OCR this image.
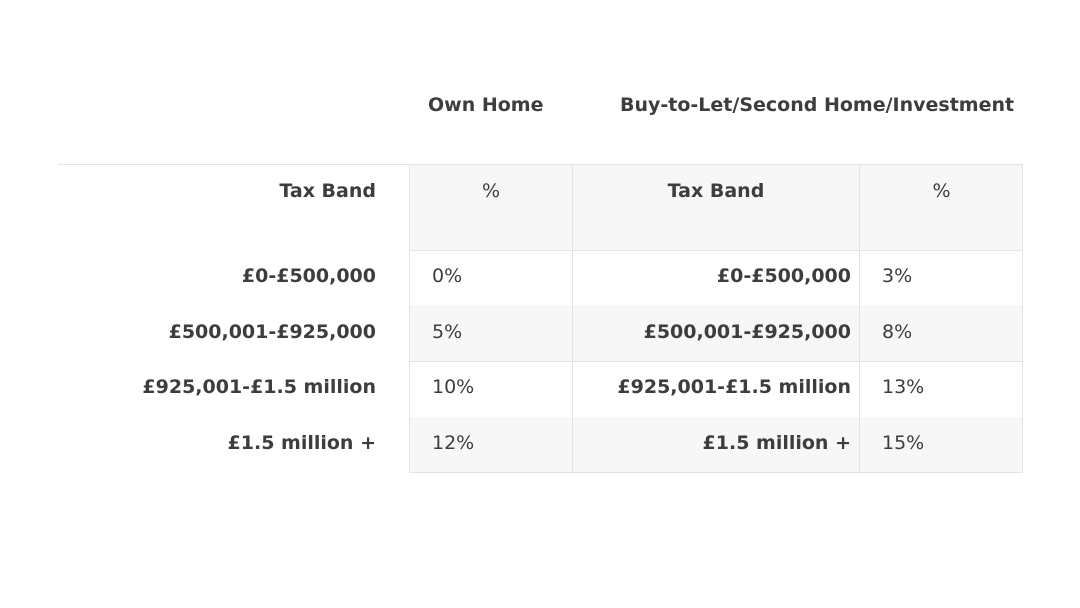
Own Home	Buy-to-Let/Second Home/Investment
Tax Band	%	Tax Band	%
£0-£500,000	0%	£0-£500,000 3%
£500,001-£925,000	5%	£500,001-£925,000 8%
£925,001-£1.5 million	10%	£925,001-£1.5 million 13%
£1.5 million +	12%	£1.5 million + 15%
